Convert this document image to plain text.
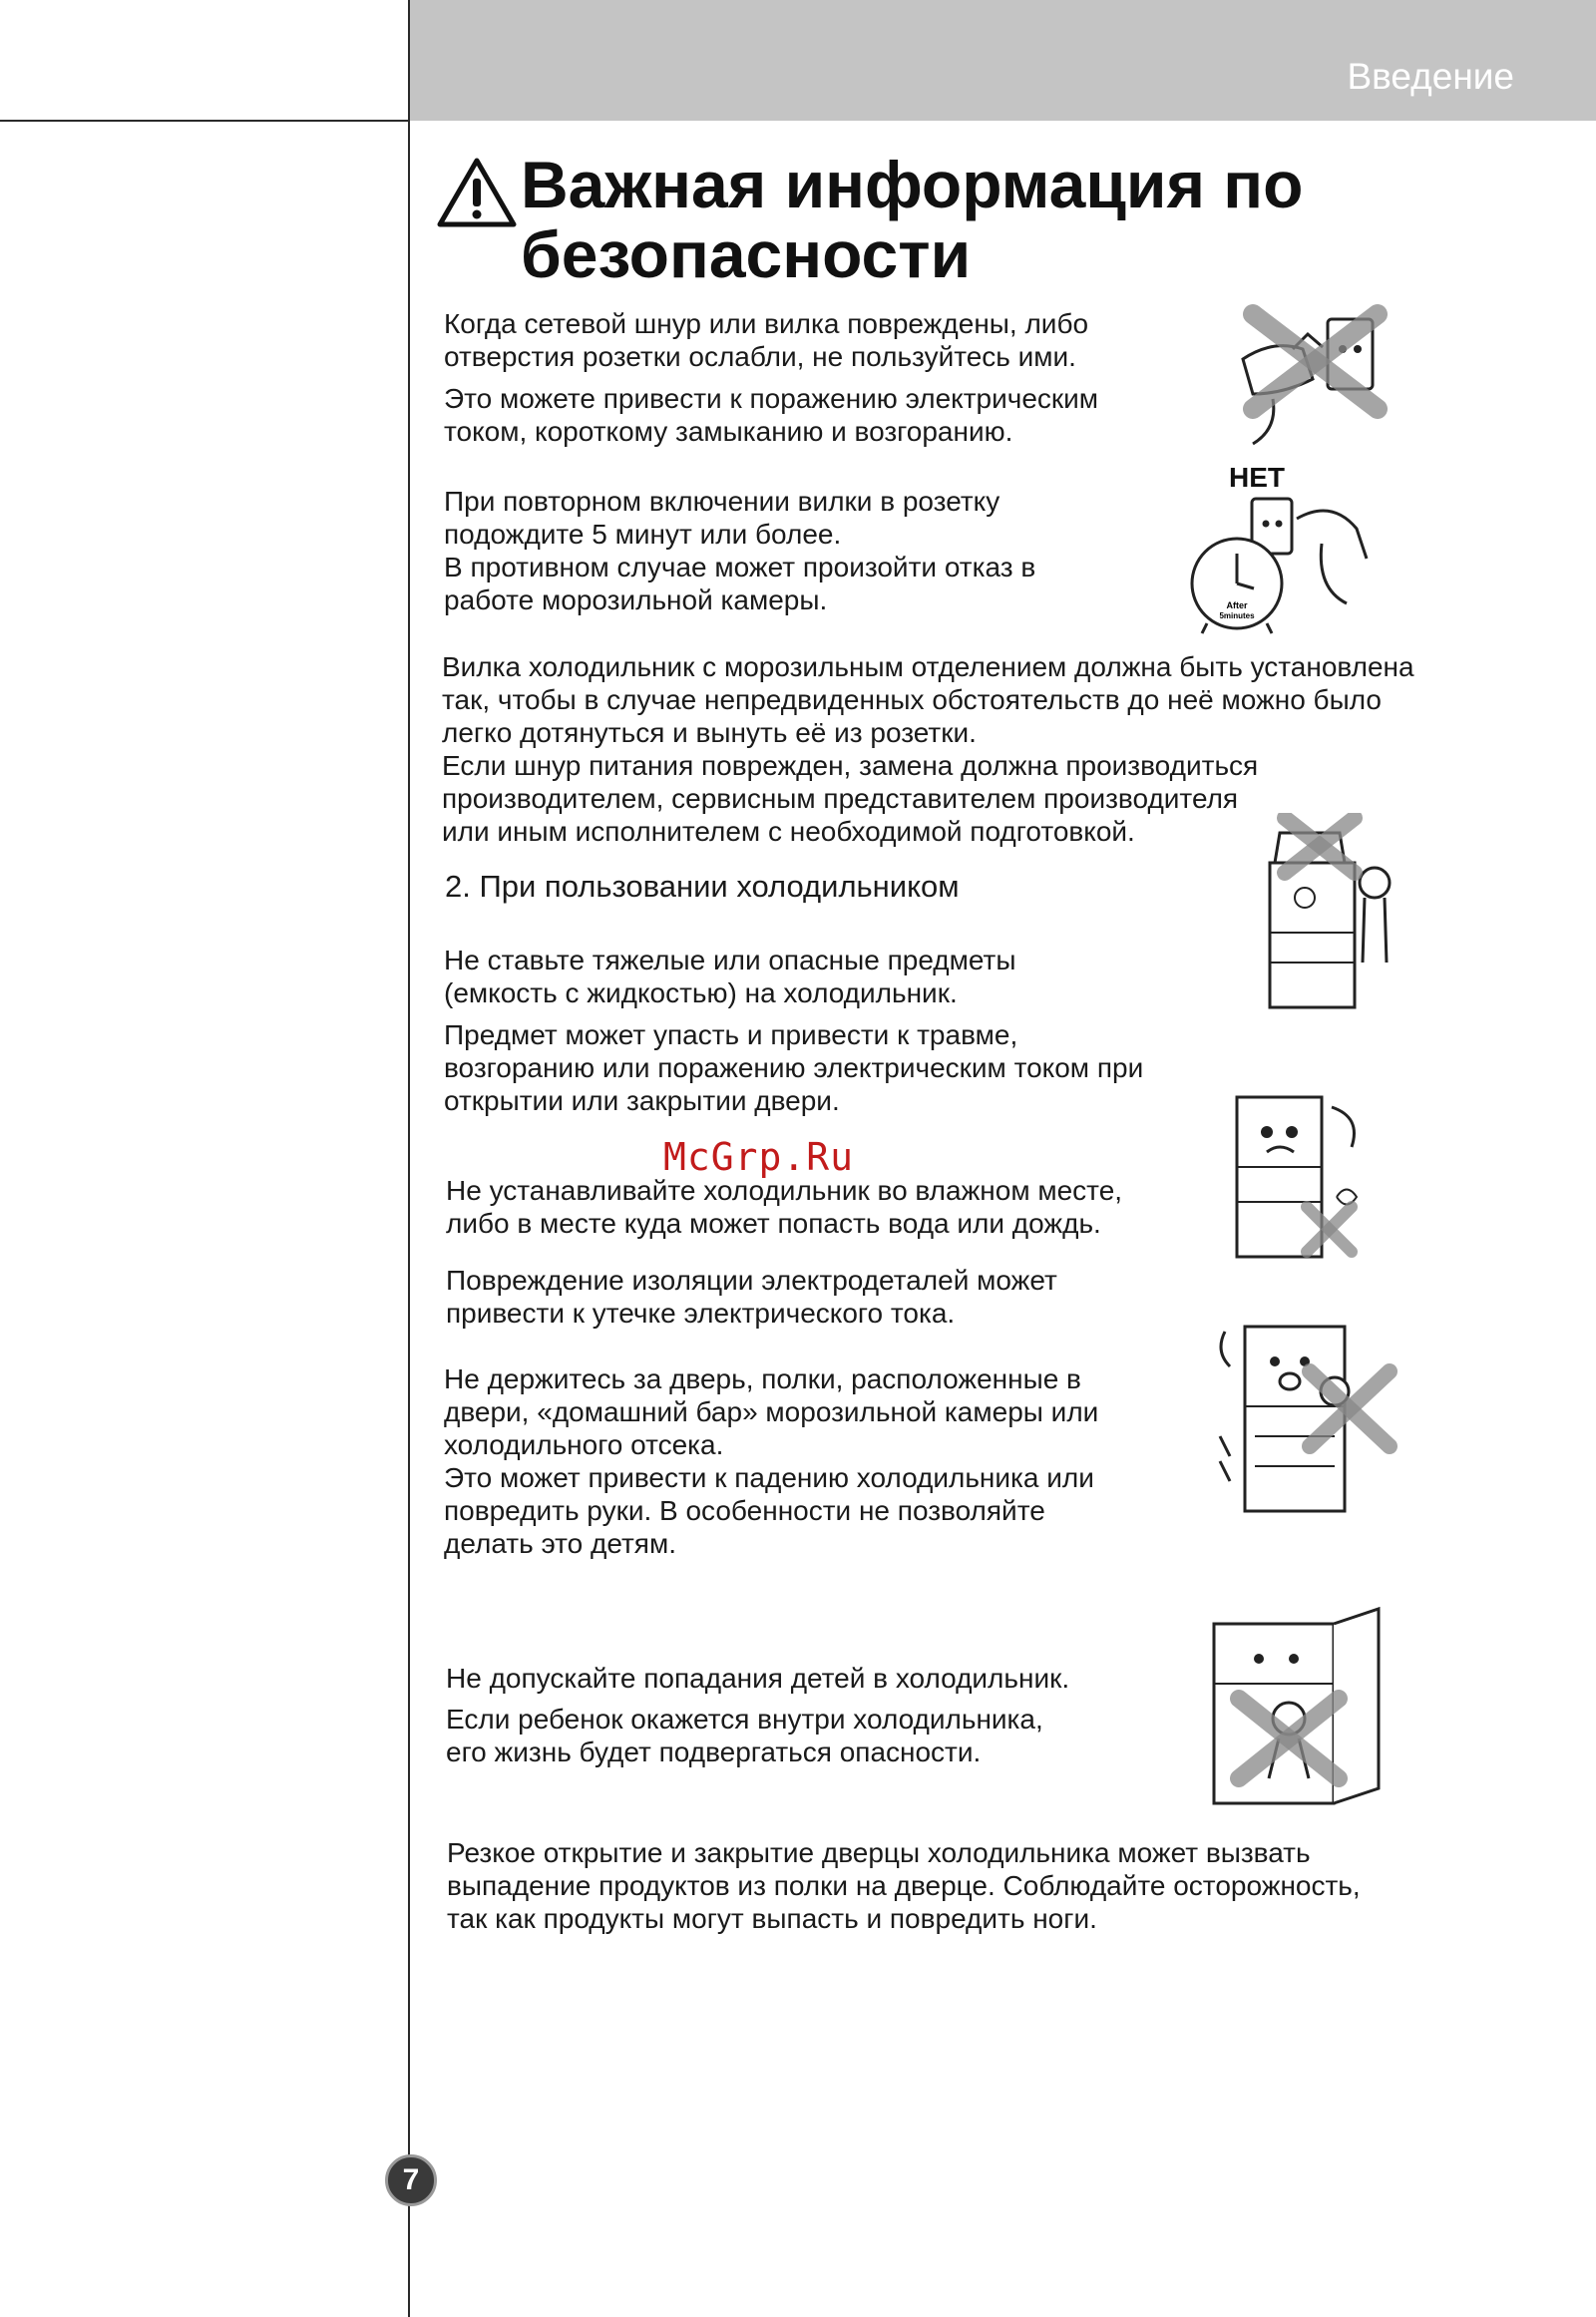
Введение
Важная информация по
безопасности
Когда сетевой шнур или вилка повреждены, либо
отверстия розетки ослабли, не пользуйтесь ими.
Это можете привести к поражению электрическим
током, короткому замыканию и возгоранию.
НЕТ
При повторном включении вилки в розетку
подождите 5 минут или более.
В противном случае может произойти отказ в
работе морозильной камеры.	After
5minutes
Вилка холодильник с морозильным отделением должна быть установлена
так, чтобы в случае непредвиденных обстоятельств до неё можно было
легко дотянуться и вынуть её из розетки.
Если шнур питания поврежден, замена должна производиться
производителем, сервисным представителем производителя
или иным исполнителем с необходимой подготовкой.
2. При пользовании холодильником
Не ставьте тяжелые или опасные предметы
(емкость с жидкостью) на холодильник.
Предмет может упасть и привести к травме,
возгоранию или поражению электрическим током при
открытии или закрытии двери.
McGrp.Ru
Не устанавливайте холодильник во влажном месте,
либо в месте куда может попасть вода или дождь.
Повреждение изоляции электродеталей может
привести к утечке электрического тока.
Не держитесь за дверь, полки, расположенные в
двери, «домашний бар» морозильной камеры или
холодильного отсека.
Это может привести к падению холодильника или
повредить руки. В особенности не позволяйте
делать это детям.
Не допускайте попадания детей в холодильник.
Если ребенок окажется внутри холодильника,
его жизнь будет подвергаться опасности.
Резкое открытие и закрытие дверцы холодильника может вызвать
выпадение продуктов из полки на дверце. Соблюдайте осторожность,
так как продукты могут выпасть и повредить ноги.
7
